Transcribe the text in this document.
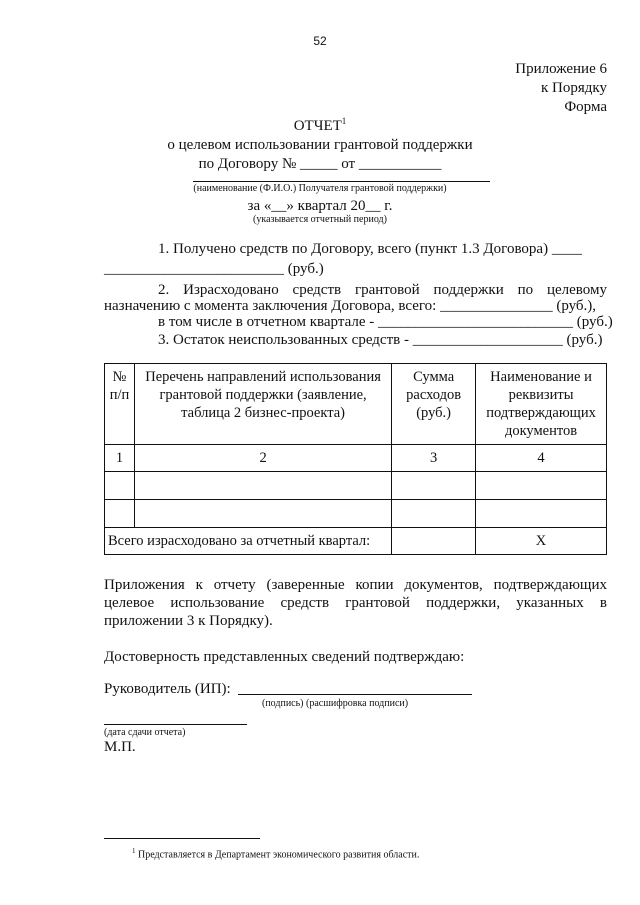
52
Приложение 6
к Порядку
Форма
ОТЧЕТ$^1$
о целевом использовании грантовой поддержки
по Договору № _____ от ___________
(наименование (Ф.И.О.) Получателя грантовой поддержки)
за «__» квартал 20__ г.
(указывается отчетный период)
1. Получено средств по Договору, всего (пункт 1.3 Договора) ____
________________________ (руб.)
2. Израсходовано средств грантовой поддержки по целевому
назначению с момента заключения Договора, всего: _______________ (руб.),
в том числе в отчетном квартале - __________________________ (руб.)
3. Остаток неиспользованных средств - ____________________ (руб.)
№ п/п	Перечень направлений использования грантовой поддержки (заявление, таблица 2 бизнес-проекта)	Сумма расходов (руб.)	Наименование и реквизиты подтверждающих документов
1	2	3	4

Всего израсходовано за отчетный квартал:			X
Приложения к отчету (заверенные копии документов, подтверждающих
целевое использование средств грантовой поддержки, указанных в
приложении 3 к Порядку).
Достоверность представленных сведений подтверждаю:
Руководитель (ИП):
(подпись) (расшифровка подписи)
(дата сдачи отчета)
М.П.
$^1$ Представляется в Департамент экономического развития области.
